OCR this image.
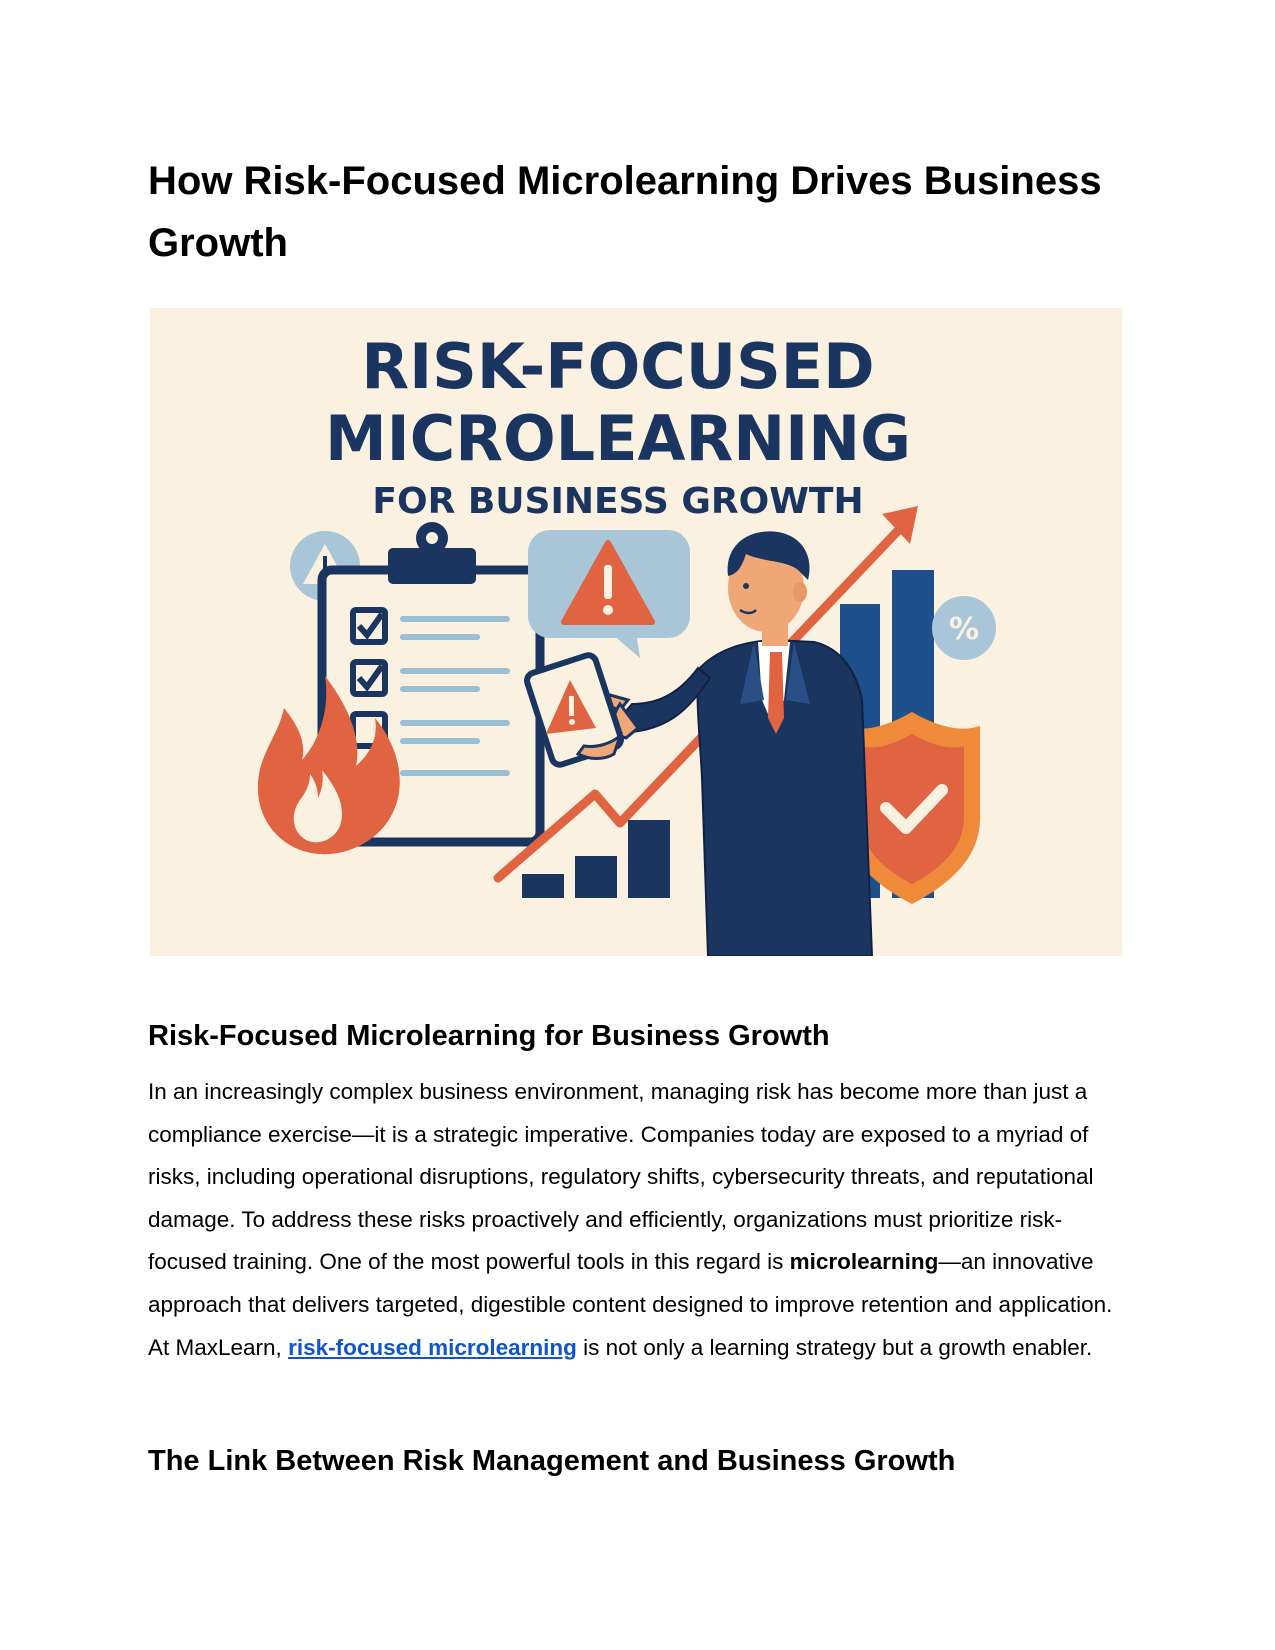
How Risk-Focused Microlearning Drives Business Growth
RISK-FOCUSED
MICROLEARNING
FOR BUSINESS GROWTH
%
Risk-Focused Microlearning for Business Growth

In an increasingly complex business environment, managing risk has become more than just a compliance exercise—it is a strategic imperative. Companies today are exposed to a myriad of risks, including operational disruptions, regulatory shifts, cybersecurity threats, and reputational damage. To address these risks proactively and efficiently, organizations must prioritize risk-focused training. One of the most powerful tools in this regard is microlearning—an innovative approach that delivers targeted, digestible content designed to improve retention and application. At MaxLearn, risk-focused microlearning is not only a learning strategy but a growth enabler.

The Link Between Risk Management and Business Growth
